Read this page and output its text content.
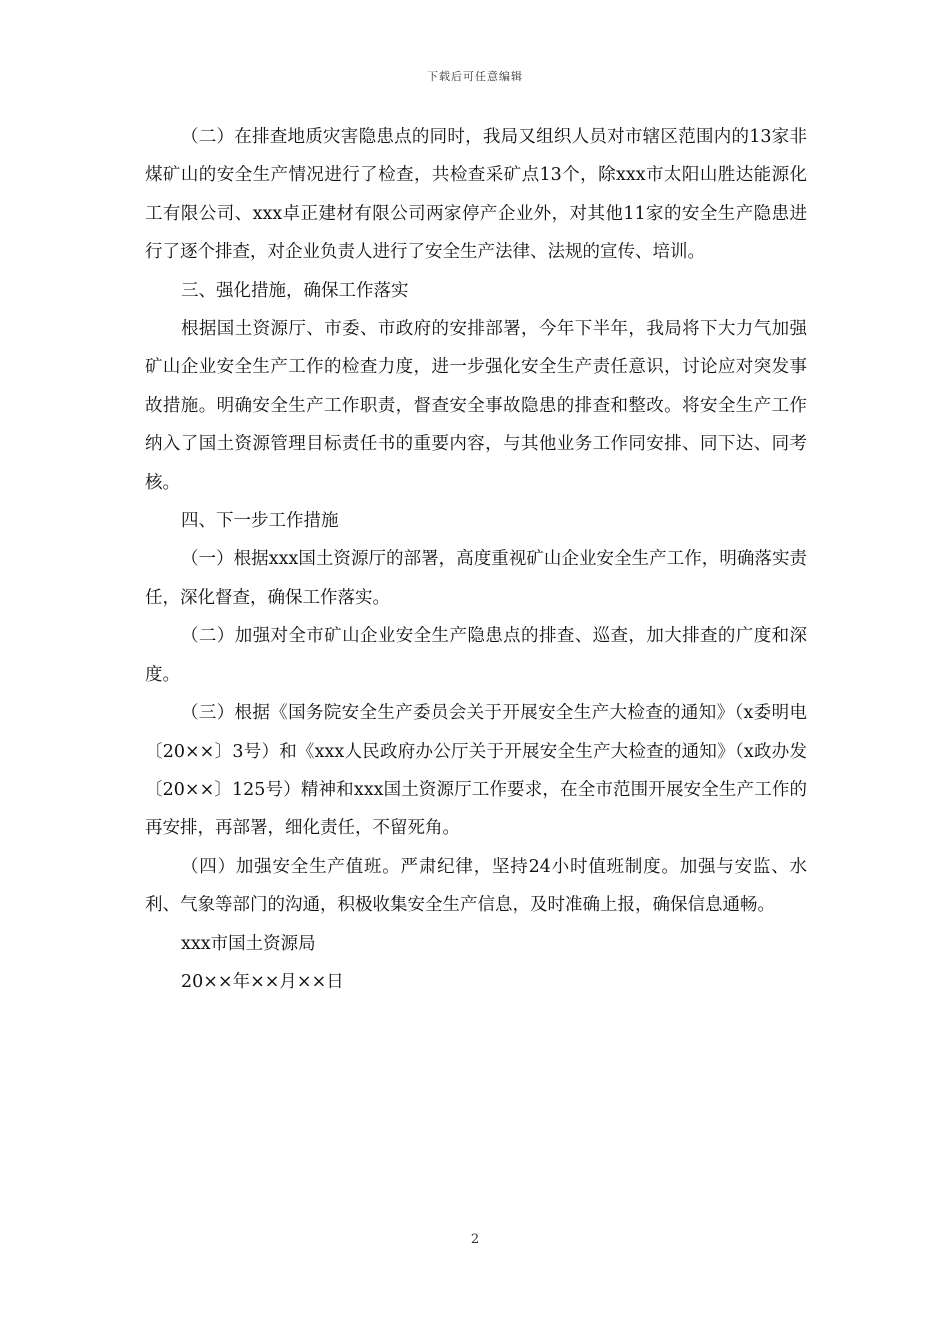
下载后可任意编辑

（二）在排查地质灾害隐患点的同时，我局又组织人员对市辖区范围内的13家非煤矿山的安全生产情况进行了检查，共检查采矿点13个，除xxx市太阳山胜达能源化工有限公司、xxx卓正建材有限公司两家停产企业外，对其他11家的安全生产隐患进行了逐个排查，对企业负责人进行了安全生产法律、法规的宣传、培训。

三、强化措施，确保工作落实

根据国土资源厅、市委、市政府的安排部署，今年下半年，我局将下大力气加强矿山企业安全生产工作的检查力度，进一步强化安全生产责任意识，讨论应对突发事故措施。明确安全生产工作职责，督查安全事故隐患的排查和整改。将安全生产工作纳入了国土资源管理目标责任书的重要内容，与其他业务工作同安排、同下达、同考核。

四、下一步工作措施

（一）根据xxx国土资源厅的部署，高度重视矿山企业安全生产工作，明确落实责任，深化督查，确保工作落实。

（二）加强对全市矿山企业安全生产隐患点的排查、巡查，加大排查的广度和深度。

（三）根据《国务院安全生产委员会关于开展安全生产大检查的通知》（x委明电〔20××〕3号）和《xxx人民政府办公厅关于开展安全生产大检查的通知》（x政办发〔20××〕125号）精神和xxx国土资源厅工作要求，在全市范围开展安全生产工作的再安排，再部署，细化责任，不留死角。

（四）加强安全生产值班。严肃纪律，坚持24小时值班制度。加强与安监、水利、气象等部门的沟通，积极收集安全生产信息，及时准确上报，确保信息通畅。

xxx市国土资源局

20××年××月××日

2
